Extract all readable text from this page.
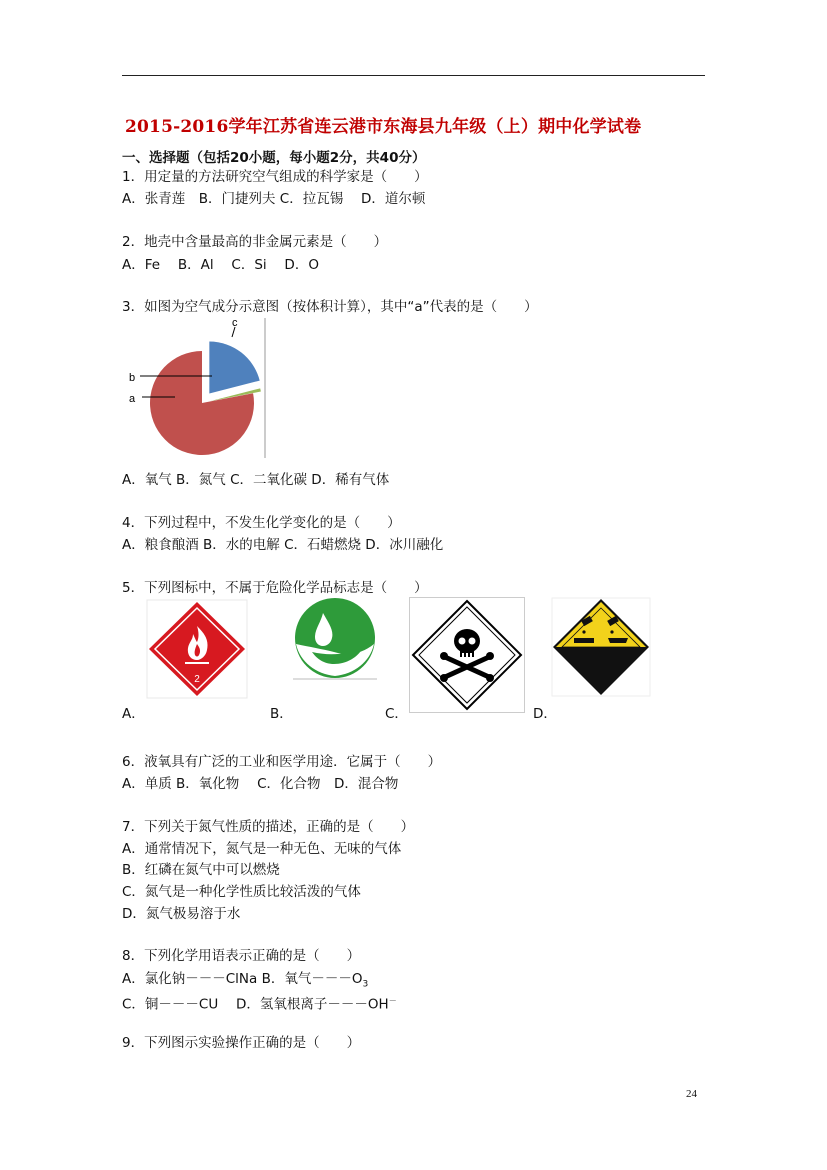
2015-2016学年江苏省连云港市东海县九年级（上）期中化学试卷
一、选择题（包括20小题，每小题2分，共40分）
1．用定量的方法研究空气组成的科学家是（　　）
A．张青莲　B．门捷列夫 C．拉瓦锡　 D．道尔顿
2．地壳中含量最高的非金属元素是（　　）
A．Fe　 B．Al　 C．Si　 D．O
3．如图为空气成分示意图（按体积计算），其中“a”代表的是（　　）
b
a
c
A．氧气 B．氮气 C．二氧化碳 D．稀有气体
4．下列过程中，不发生化学变化的是（　　）
A．粮食酿酒 B．水的电解 C．石蜡燃烧 D．冰川融化
5．下列图标中，不属于危险化学品标志是（　　）
2
A．	B．	C．	D．
6．液氧具有广泛的工业和医学用途．它属于（　　）
A．单质 B．氧化物　 C．化合物　D．混合物
7．下列关于氮气性质的描述，正确的是（　　）
A．通常情况下，氮气是一种无色、无味的气体
B．红磷在氮气中可以燃烧
C．氮气是一种化学性质比较活泼的气体
D．氮气极易溶于水
8．下列化学用语表示正确的是（　　）
A．氯化钠－－－ClNa B．氧气$---O_3$
C．铜－－－CU　 D．氢氧根离子－－－OH－
9．下列图示实验操作正确的是（　　）
24
